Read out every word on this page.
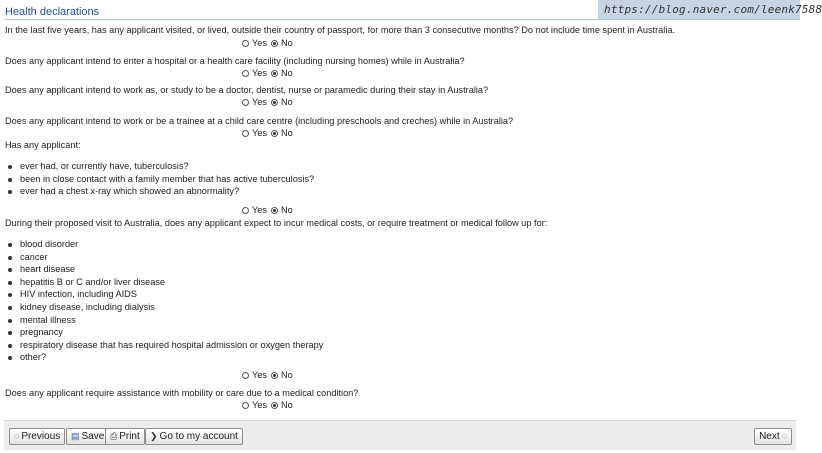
https://blog.naver.com/leenk7588
Health declarations
In the last five years, has any applicant visited, or lived, outside their country of passport, for more than 3 consecutive months? Do not include time spent in Australia.
Yes No
Does any applicant intend to enter a hospital or a health care facility (including nursing homes) while in Australia?
Yes No
Does any applicant intend to work as, or study to be a doctor, dentist, nurse or paramedic during their stay in Australia?
Yes No
Does any applicant intend to work or be a trainee at a child care centre (including preschools and creches) while in Australia?
Yes No
Has any applicant:
ever had, or currently have, tuberculosis?
been in close contact with a family member that has active tuberculosis?
ever had a chest x-ray which showed an abnormality?
Yes No
During their proposed visit to Australia, does any applicant expect to incur medical costs, or require treatment or medical follow up for:
blood disorder
cancer
heart disease
hepatitis B or C and/or liver disease
HIV infection, including AIDS
kidney disease, including dialysis
mental illness
pregnancy
respiratory disease that has required hospital admission or oxygen therapy
other?
Yes No
Does any applicant require assistance with mobility or care due to a medical condition?
Yes No
◌ Previous ▤ Save ⎙ Print ❯ Go to my account	Next ◌
